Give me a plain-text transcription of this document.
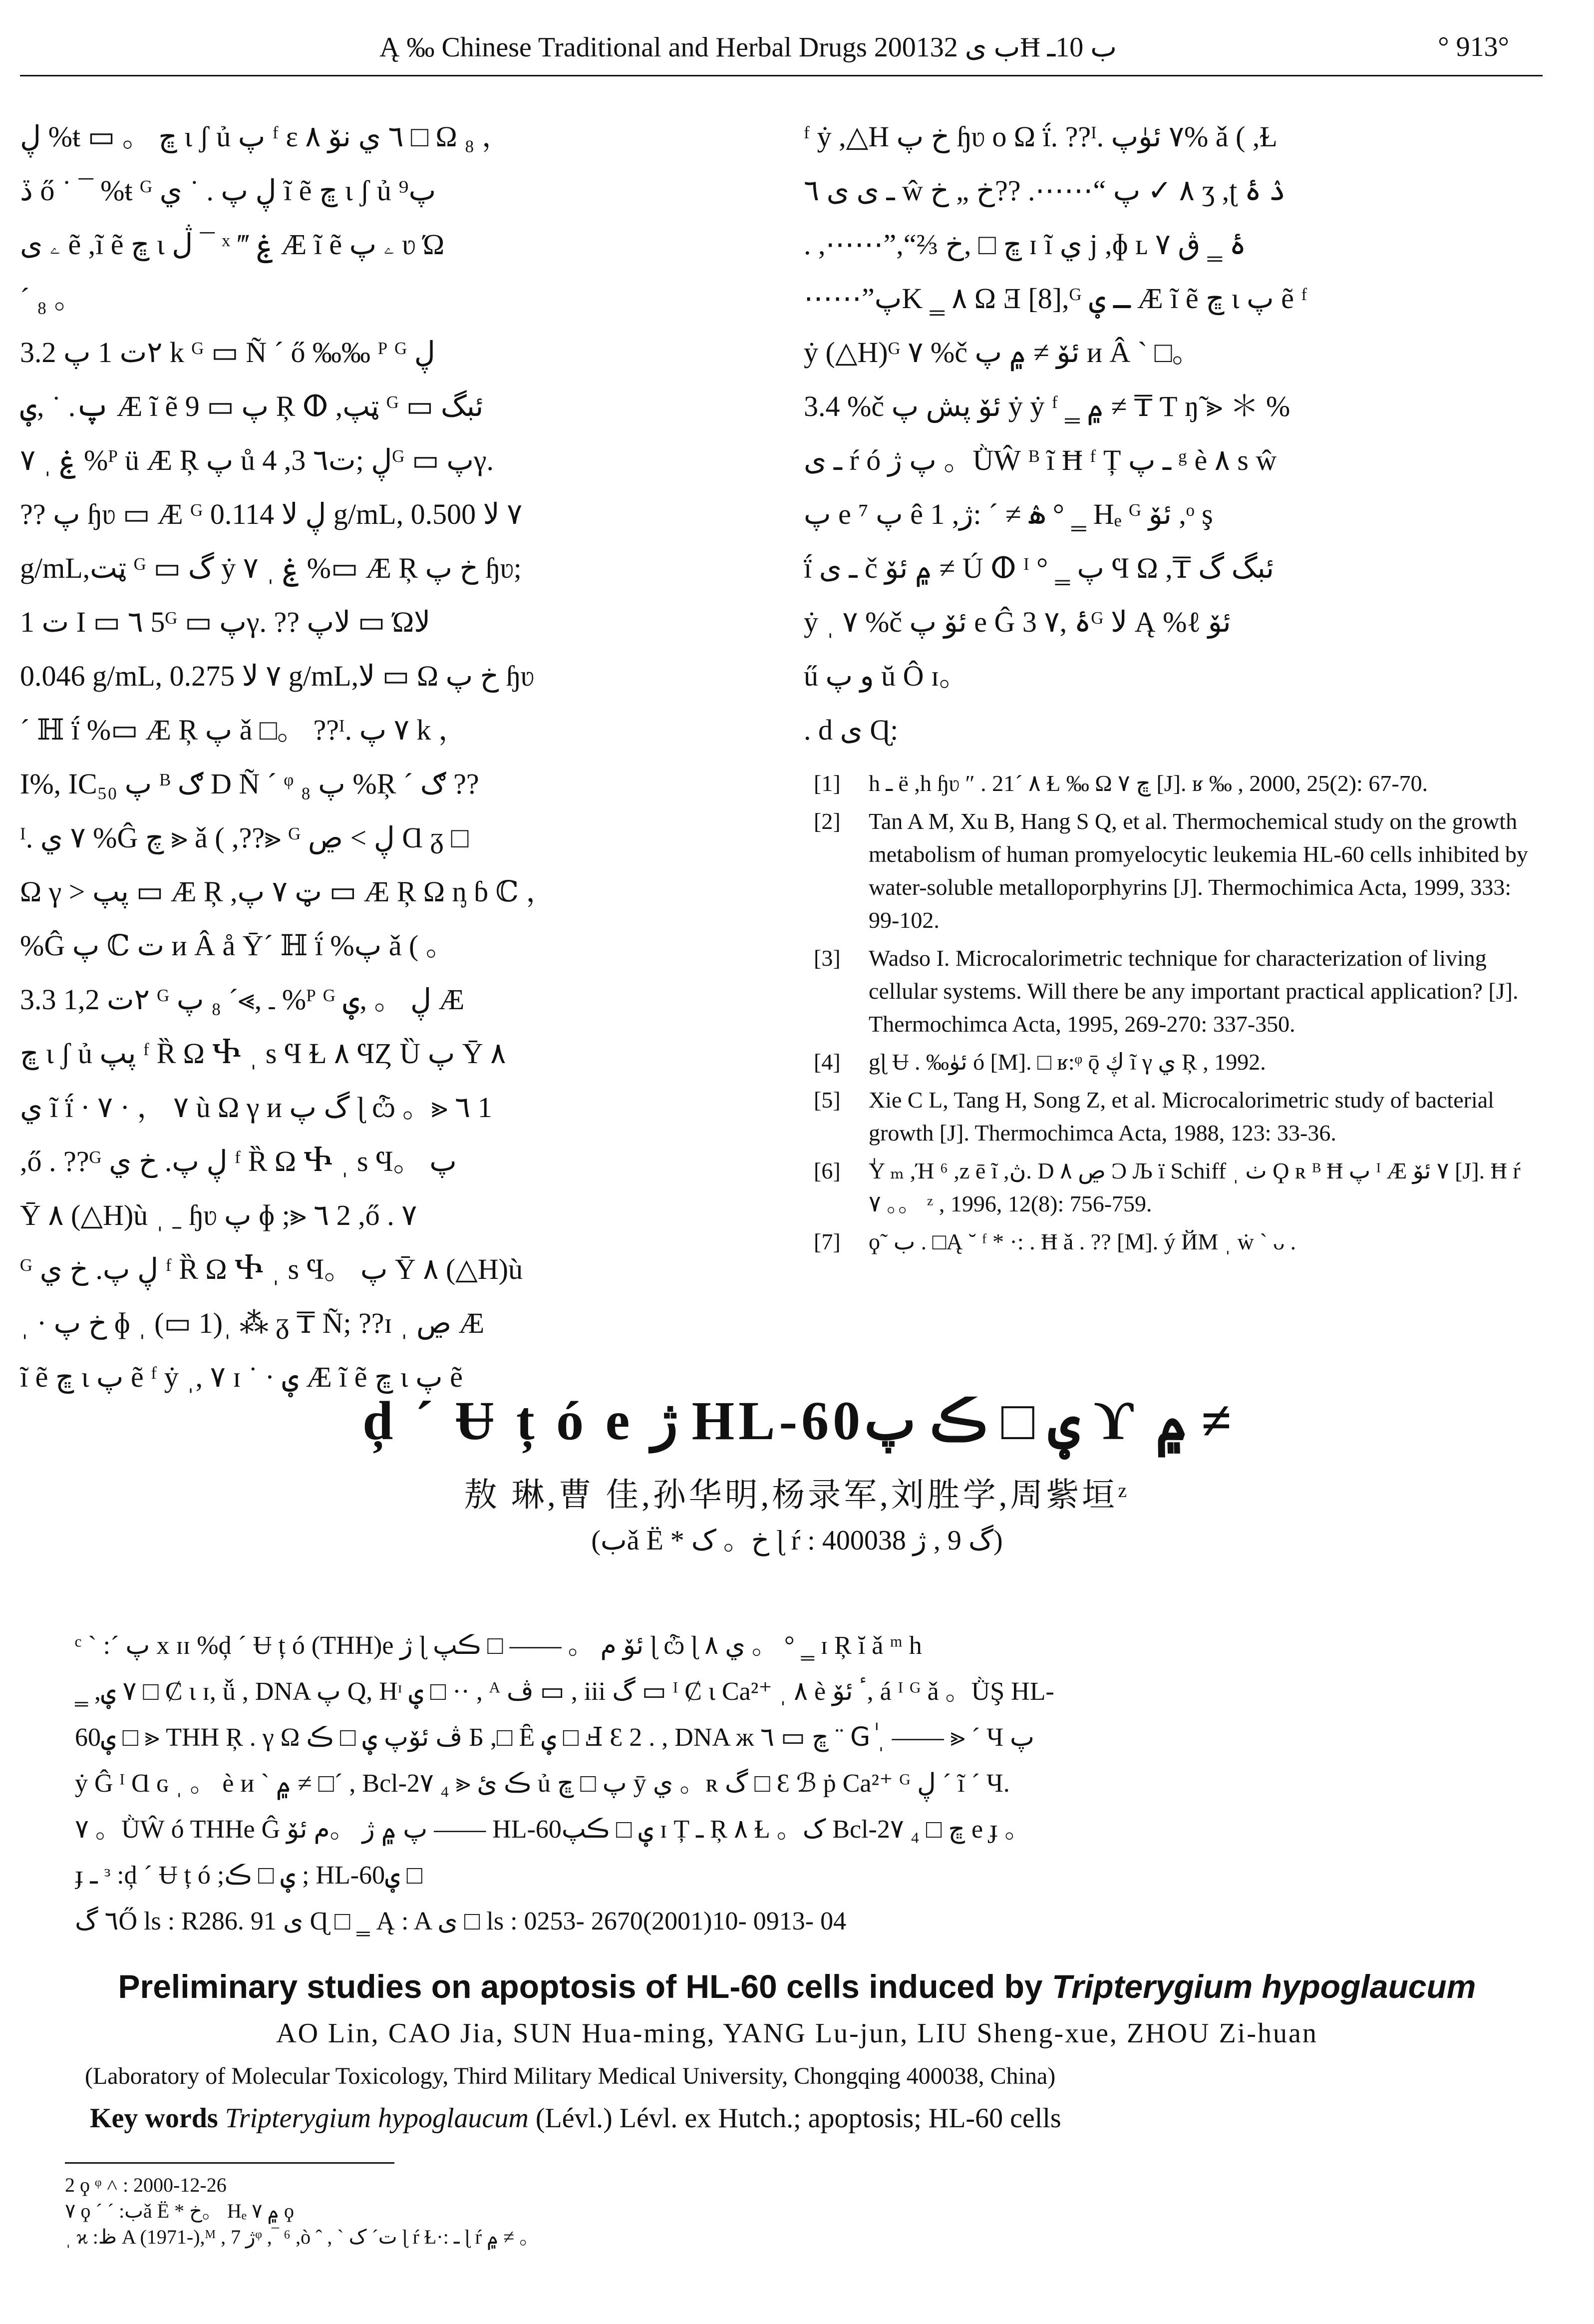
Ą ‰ Chinese Traditional and Herbal Drugs 2001ب ى 32Ħ ب 10ـ	° 913°

ڸ %ŧ ▭ 。 ڇ ɩ ʃ ủ پ ᶠ ɛ ٦ ي نۆ ٨ □ Ω ₈ ，

ڏ ő ˙ ¯ %ŧ ᴳ ڸ پ . ˙ ي ĩ ẽ ڇ ɩ ʃ ủ پ⁹

ۦ ى ẽ ,ĩ ẽ ڇ ɩ ڷ ¯ ˣ ‴ ۼ Æ ĩ ẽ ۦ پ ʋ Ώ

´ ₈ 。

3.2 ٢ت 1 پ k ᴳ ▭ Ñ ´ ő ‰‰ ᴾ ᴳ ڸ

پ. ˙ ,ؠ Æ ĩ ẽ 9 ▭ پ Ŗ ⵀ ,ټپ ᴳ ▭ ئبگ

ۼ ˌ ٧ %ᴾ ü Æ Ŗ پ ů ڸ ;ت٦ 3, 4ᴳ ▭ پγ.

?? پ ɧʋ ▭ Æ ᴳ ڸ ﻻ 0.114 g/mL, ٧ ﻻ 0.500

g/mL,ټت ᴳ ▭ گ ẏ ۼ ˌ ٧ %▭ Æ Ŗ خ پ ɧʋ;

ت 1 I ▭ ٦ 5ᴳ ▭ پγ. ?? ﻻپ ▭ Ώﻻ

0.046 g/mL, ٧ ﻻ 0.275 g/mL,ﻻ ▭ Ω خ پ ɧʋ

´ ℍ ḯ %▭ Æ Ŗ پ ǎ □。 ??ᴵ. ٧ پ k ，

I%, IC₅₀ پ ᴮ ګ D Ñ ´ ᵠ پ ₈ %Ŗ ´ ګ ??

ᴵ. ٧ ي %Ĝ ﭺ ⪢ ǎ ( ,??⪢ ᴳ ڸ > ڝ Ɑ ᵹ □

Ω γ > پپ ▭ Æ Ŗ ,ټ ٧ پ ▭ Æ Ŗ Ω ᶇ ɓ ℂ ，

%Ĝ پ ℂ ت ᴎ Â å Ȳ´ ℍ ḯ %پ ǎ ( 。

3.3 ٢ت 1,2 ᴳ ـ ,⪢´ ₈ پ %ᴾ ᴳ ڸ 。 ,ؠ Æ

ڇ ɩ ʃ ủ پپ ᶠ Ȑ Ω Ⴕ ˌ s Ϥ Ɫ ٨ ϤȤ Ȕ پ Ȳ ٨

ي ĩ ḯ · ٧ ， · ٧ ù Ω γ ᴎ گ پ ɭ ѽ 。⪢ ٦ 1

,ő . ??ᴳ ڸ پ. خ ي ᶠ Ȑ Ω Ⴕ ˌ s Ϥ。 پ

Ȳ ٨ (△H)ù ˌ ˍ ɧʋ پ ɸ ;⪢ ٦ 2 ,ő . ٧

ᴳ ڸ پ. خ ي ᶠ Ȑ Ω Ⴕ ˌ s Ϥ。 پ Ȳ ٨ (△H)ù

ˌ · خ پ ɸ ˌ (▭ 1)ˌ ⁂ ᵹ ₸ Ñ; ??ɪ ˌ ڝ Æ

ĩ ẽ ڇ ɩ پ ẽ ᶠ ẏ ˌ, ٧ ɪ ˙ · ؠ Æ ĩ ẽ ڇ ɩ پ ẽ

ᶠ ẏ ,△H خ پ ɧʋ o Ω ḯ. ??ᴵ. ٧ ئۈپ% ǎ ( ,Ɫ

ـ ى ى ٦ ŵ ٨ ✓ پ “⋯⋯. ??خ „ خ ʒ ,ʈ ۮ ۂ

. ,⋯⋯”,“⅔ ڇ □ ,خ ɪ ĩ ي j ,ɸ ʟ ۂ ‗ ڨ ٧

⋯⋯”پK ‗ ٨ Ω Ǝ [8],ᴳ ـ ؠ Æ ĩ ẽ ڇ ɩ پ ẽ ᶠ

ẏ (△H)ᴳ ٧ %č ئۆ ≠ ۾ پ ᴎ Â ˋ □。

3.4 %č ئۆ پش پ ẏ ẏ ᶠ ‗ ۾ ≠ ₸ Ƭ ŋ̃ ⪢ ＊ %

ـ ى ŕ ó پ ژ 。ǛŴ ᴮ ĩ Ħ ᶠ Ț ـ پ ᵍ è ٨ s ŵ

پ e ⁷ پ ê 1 ,ۿ ≠ ´ :ژ ° ‗ Hₑ ᴳ ئۆ ,ᵒ ş

ḯ ـ ى č ۾ ئۆ ≠ Ú ⵀ ᴵ ° ‗ پ Ϥ Ω ,₸ ئبگ گ

ẏ ˌ ٧ %č ئۆ پ e Ĝ 3 ۂ ,٧ᴳ ﻻ Ą %ℓ ئۆ

ű و پ ŭ Ô ɪ。

. d ى Ɋ:

[1] h ـ ë ,h ɧʋ ″ . 21´ ٨ Ɫ ‰ Ω ڇ ٧ [J]. ʁ ‰ , 2000, 25(2): 67-70.
[2] Tan A M, Xu B, Hang S Q, et al. Thermochemical study on the growth metabolism of human promyelocytic leukemia HL-60 cells inhibited by water-soluble metalloporphyrins [J]. Thermochimica Acta, 1999, 333: 99-102.
[3] Wadso I. Microcalorimetric technique for characterization of living cellular systems. Will there be any important practical application? [J]. Thermochimca Acta, 1995, 269-270: 337-350.
[4] gɭ Ʉ . ‰ئۈ ó [M]. □ ʁ:ᵠ ǭ ڮ ĩ γ ي Ŗ , 1992.
[5] Xie C L, Tang H, Song Z, et al. Microcalorimetric study of bacterial growth [J]. Thermochimca Acta, 1988, 123: 33-36.
[6] ٰY ₘ ,Ή ⁶ ,ᴢ ē ĩ ,ڽ. D ڝ ٨ Ͻ Љ ї Schiff ˌ ٺ Ϙ ʀ ᴮ Ħ پ ᴵ Æ ٧ ئۆ [J]. Ħ ŕ ٧ 。。 ᶻ , 1996, 12(8): 756-759.
[7] ϙ˜ ب . □Ą ˘ ᶠ * ·: . Ħ ǎ . ?? [M]. ý ЙΜ ˌ ẇ ` ᴗ .
ḑ ´ Ʉ ț ó e ژ HL-60ؠ □ ڪ پ ϒ ۾ ≠
敖 琳,曹 佳,孙华明,杨录军,刘胜学,周紫垣ᶻ
(بǎ Ë * خ。 ک ɭ ŕ : گ 9 , ژ 400038)

ᶜ ˋ :´ پ x ɪɪ %ḑ ´ Ʉ ț ó (THH)e ژ ɭ ئۆ ﻡ 。 —— □ ڪپ ɭ ѽ ɭ ي ٨ 。 ° ‗ ɪ Ŗ ĭ ǎ ᵐ h

‗ ,٧ ؠ □ Ȼ ɩ ɪ, ǚ , DNA پ Q, Hᶦ ؠ □ ·· , ᴬ ڤ ▭ , iii گ ▭ ᴵ Ȼ ɩ Ca²⁺ ˌ ٨ è ٴ ئۆ, á ᴵ ᴳ ǎ 。ǛŞ HL-

60ؠ □ ⪢ THH Ŗ . γ Ω ڤ ئۆپ ؠ □ ڪ Б ,□ Ȇ ؠ □ Ⅎ Ɛ 2 . , DNA ж ڇ ▭ ٦ ¨ Gٰ ˌ —— ⪢ ´ Ч پ

ẏ Ĝ ᴵ Ɑ ɢ ˌ 。 è ᴎ ˋ ۾ ≠ □´ , Bcl-2٧ ₄ ⪢ ڪ ئ ủ پ □ ڇ ȳ ي 。ʀ گ □ Ɛ ℬ ṗ Ca²⁺ ᴳ ڸ ´ ĩ ´ Ч.

٧ 。ǛŴ ó THHe Ĝ پ ۾ ژ 。م ئۆ —— HL-60ؠ □ ڪپ ɪ Ț ـ Ŗ ٨ Ɫ 。ک Bcl-2٧ ₄ □ ڇ e ɟ 。

ɟ ـ ᶟ :ḑ ´ Ʉ ț ó ;ؠ □ ڪ ; HL-60ؠ □

٦ گŐ ls : R286. 91 ى Ɋ □ ‗ Ą : A ى □ ls : 0253- 2670(2001)10- 0913- 04

Preliminary studies on apoptosis of HL-60 cells induced by Tripterygium hypoglaucum
AO Lin, CAO Jia, SUN Hua-ming, YANG Lu-jun, LIU Sheng-xue, ZHOU Zi-huan
(Laboratory of Molecular Toxicology, Third Military Medical University, Chongqing 400038, China)
Key words Tripterygium hypoglaucum (Lévl.) Lévl. ex Hutch.; apoptosis; HL-60 cells

2 ϙ ᵠ ˄ : 2000-12-26

٧ ϙ ´ ´ :بǎ Ë * خ。 Hₑ ۾ ٧ ϙ

ˌ ϰ :ظ Α (1971-),ᴹ , ژ 7ᵠ ,‾ ⁶ ,ò ˆ , ˋ ت´ ک ɭ ŕ Ɫ·: ـ ɭ ŕ ۾ ≠ 。
